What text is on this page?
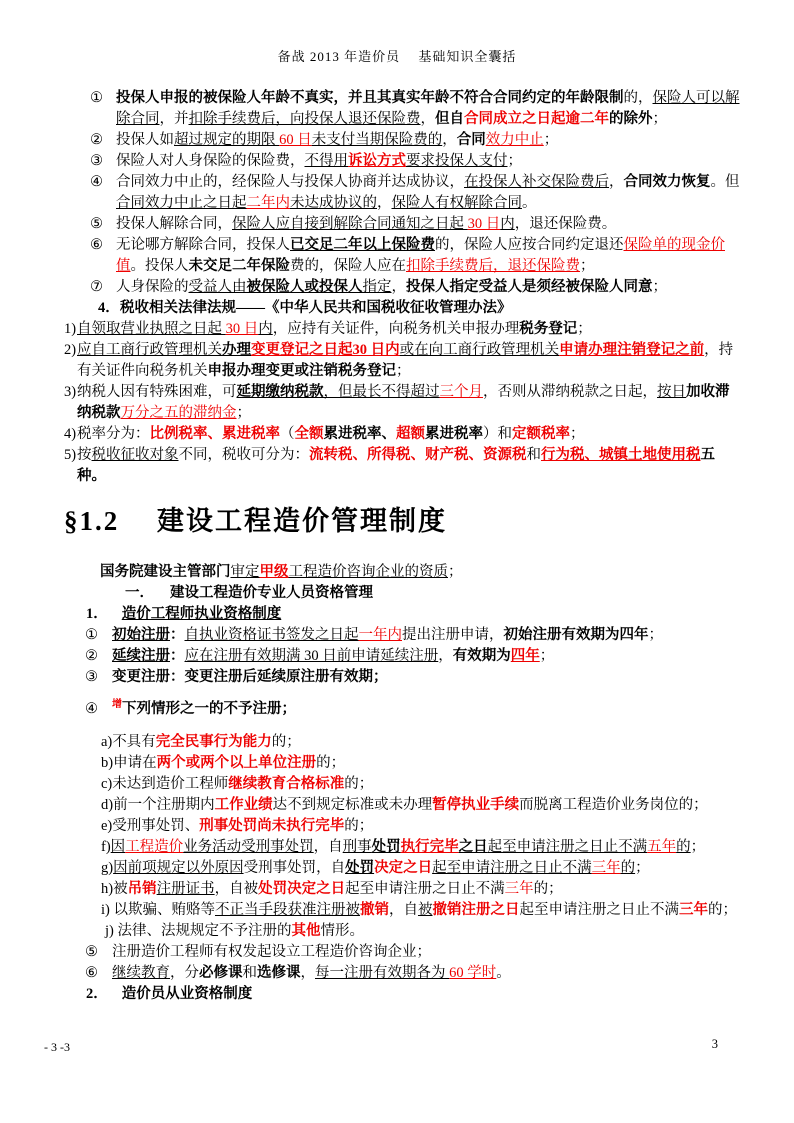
备战 2013 年造价员　 基础知识全囊括
① 投保人申报的被保险人年龄不真实，并且其真实年龄不符合合同约定的年龄限制的，保险人可以解除合同，并扣除手续费后，向投保人退还保险费，但自合同成立之日起逾二年的除外；
② 投保人如超过规定的期限 60 日未支付当期保险费的，合同效力中止；
③ 保险人对人身保险的保险费，不得用诉讼方式要求投保人支付；
④ 合同效力中止的，经保险人与投保人协商并达成协议，在投保人补交保险费后，合同效力恢复。但合同效力中止之日起二年内未达成协议的，保险人有权解除合同。
⑤ 投保人解除合同，保险人应自接到解除合同通知之日起 30 日内，退还保险费。
⑥ 无论哪方解除合同，投保人已交足二年以上保险费的，保险人应按合同约定退还保险单的现金价值。投保人未交足二年保险费的，保险人应在扣除手续费后，退还保险费；
⑦ 人身保险的受益人由被保险人或投保人指定，投保人指定受益人是须经被保险人同意；
4． 税收相关法律法规——《中华人民共和国税收征收管理办法》
1) 自领取营业执照之日起 30 日内，应持有关证件，向税务机关申报办理税务登记；
2) 应自工商行政管理机关办理变更登记之日起30 日内或在向工商行政管理机关申请办理注销登记之前，持有关证件向税务机关申报办理变更或注销税务登记；
3) 纳税人因有特殊困难，可延期缴纳税款，但最长不得超过三个月，否则从滞纳税款之日起，按日加收滞纳税款万分之五的滞纳金；
4) 税率分为：比例税率、累进税率（全额累进税率、超额累进税率）和定额税率；
5) 按税收征收对象不同，税收可分为：流转税、所得税、财产税、资源税和行为税、城镇土地使用税五种。
§1.2　 建设工程造价管理制度
国务院建设主管部门审定甲级工程造价咨询企业的资质；
一． 建设工程造价专业人员资格管理
1． 造价工程师执业资格制度
① 初始注册：自执业资格证书签发之日起一年内提出注册申请，初始注册有效期为四年；
② 延续注册：应在注册有效期满 30 日前申请延续注册，有效期为四年；
③ 变更注册：变更注册后延续原注册有效期；
④ $^增$下列情形之一的不予注册；
a)不具有完全民事行为能力的；
b)申请在两个或两个以上单位注册的；
c)未达到造价工程师继续教育合格标准的；
d)前一个注册期内工作业绩达不到规定标准或未办理暂停执业手续而脱离工程造价业务岗位的；
e)受刑事处罚、刑事处罚尚未执行完毕的；
f)因工程造价业务活动受刑事处罚，自刑事处罚执行完毕之日起至申请注册之日止不满五年的；
g)因前项规定以外原因受刑事处罚，自处罚决定之日起至申请注册之日止不满三年的；
h)被吊销注册证书，自被处罚决定之日起至申请注册之日止不满三年的；
i) 以欺骗、贿赂等不正当手段获准注册被撤销，自被撤销注册之日起至申请注册之日止不满三年的；
j) 法律、法规规定不予注册的其他情形。
⑤ 注册造价工程师有权发起设立工程造价咨询企业；
⑥ 继续教育，分必修课和选修课，每一注册有效期各为 60 学时。
2． 造价员从业资格制度
- 3 -3	3
